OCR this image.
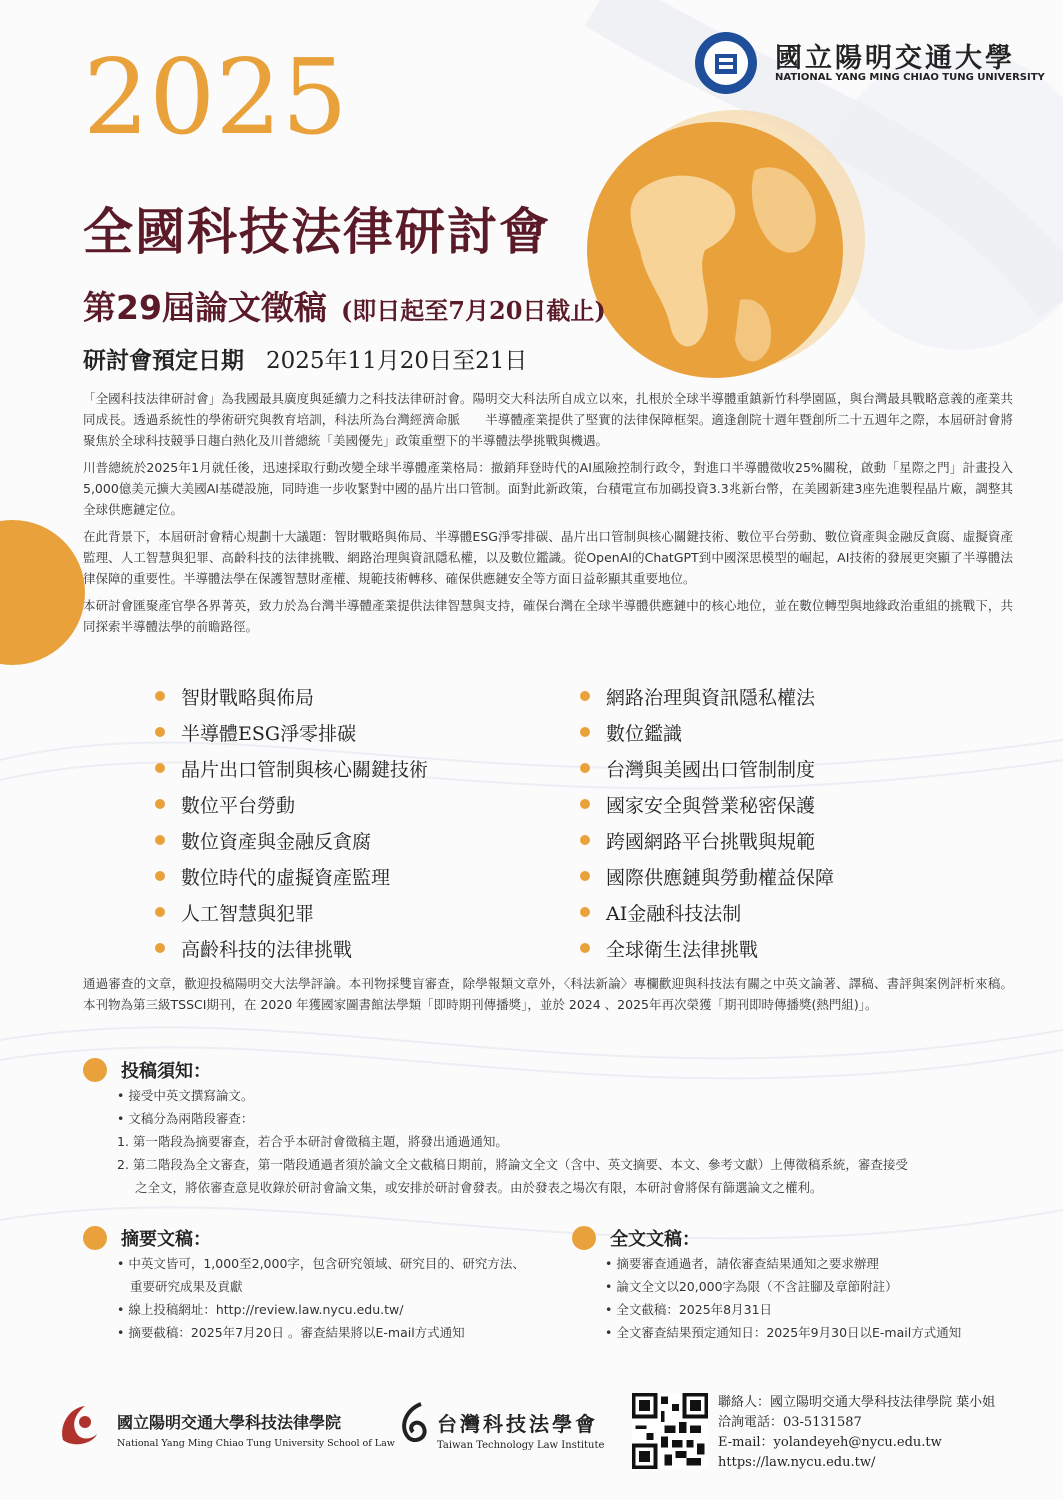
國立陽明交通大學
NATIONAL YANG MING CHIAO TUNG UNIVERSITY
2025
全國科技法律研討會
第29屆論文徵稿 (即日起至7月20日截止)
研討會預定日期 2025年11月20日至21日

「全國科技法律研討會」為我國最具廣度與延續力之科技法律研討會。陽明交大科法所自成立以來，扎根於全球半導體重鎮新竹科學園區，與台灣最具戰略意義的產業共同成長。透過系統性的學術研究與教育培訓，科法所為台灣經濟命脈　　半導體產業提供了堅實的法律保障框架。適逢創院十週年暨創所二十五週年之際，本屆研討會將聚焦於全球科技競爭日趨白熱化及川普總統「美國優先」政策重塑下的半導體法學挑戰與機遇。

川普總統於2025年1月就任後，迅速採取行動改變全球半導體產業格局：撤銷拜登時代的AI風險控制行政令，對進口半導體徵收25%關稅，啟動「星際之門」計畫投入5,000億美元擴大美國AI基礎設施，同時進一步收緊對中國的晶片出口管制。面對此新政策，台積電宣布加碼投資3.3兆新台幣，在美國新建3座先進製程晶片廠，調整其全球供應鏈定位。

在此背景下，本屆研討會精心規劃十大議題：智財戰略與佈局、半導體ESG淨零排碳、晶片出口管制與核心關鍵技術、數位平台勞動、數位資產與金融反貪腐、虛擬資產監理、人工智慧與犯罪、高齡科技的法律挑戰、網路治理與資訊隱私權，以及數位鑑識。從OpenAI的ChatGPT到中國深思模型的崛起，AI技術的發展更突顯了半導體法律保障的重要性。半導體法學在保護智慧財產權、規範技術轉移、確保供應鏈安全等方面日益彰顯其重要地位。

本研討會匯聚產官學各界菁英，致力於為台灣半導體產業提供法律智慧與支持，確保台灣在全球半導體供應鏈中的核心地位，並在數位轉型與地緣政治重組的挑戰下，共同探索半導體法學的前瞻路徑。

智財戰略與佈局
半導體ESG淨零排碳
晶片出口管制與核心關鍵技術
數位平台勞動
數位資產與金融反貪腐
數位時代的虛擬資產監理
人工智慧與犯罪
高齡科技的法律挑戰
網路治理與資訊隱私權法
數位鑑識
台灣與美國出口管制制度
國家安全與營業秘密保護
跨國網路平台挑戰與規範
國際供應鏈與勞動權益保障
AI金融科技法制
全球衛生法律挑戰
通過審查的文章，歡迎投稿陽明交大法學評論。本刊物採雙盲審查，除學報類文章外，〈科法新論〉專欄歡迎與科技法有關之中英文論著、譯稿、書評與案例評析來稿。本刊物為第三級TSSCI期刊，在 2020 年獲國家圖書館法學類「即時期刊傳播獎」，並於 2024 、2025年再次榮獲「期刊即時傳播獎(熱門組)」。
投稿須知：
• 接受中英文撰寫論文。
• 文稿分為兩階段審查：
1. 第一階段為摘要審查，若合乎本研討會徵稿主題，將發出通過通知。
2. 第二階段為全文審查，第一階段通過者須於論文全文截稿日期前，將論文全文（含中、英文摘要、本文、參考文獻）上傳徵稿系統，審查接受
之全文，將依審查意見收錄於研討會論文集，或安排於研討會發表。由於發表之場次有限，本研討會將保有篩選論文之權利。
摘要文稿：
• 中英文皆可，1,000至2,000字，包含研究領域、研究目的、研究方法、
重要研究成果及貢獻
• 線上投稿網址：http://review.law.nycu.edu.tw/
• 摘要截稿：2025年7月20日 。審查結果將以E-mail方式通知
全文文稿：
• 摘要審查通過者，請依審查結果通知之要求辦理
• 論文全文以20,000字為限（不含註腳及章節附註）
• 全文截稿：2025年8月31日
• 全文審查結果預定通知日：2025年9月30日以E-mail方式通知
國立陽明交通大學科技法律學院
National Yang Ming Chiao Tung University School of Law
台灣科技法學會
Taiwan Technology Law Institute
聯絡人：國立陽明交通大學科技法律學院 葉小姐
洽詢電話：03-5131587
E-mail：yolandeyeh@nycu.edu.tw
https://law.nycu.edu.tw/
